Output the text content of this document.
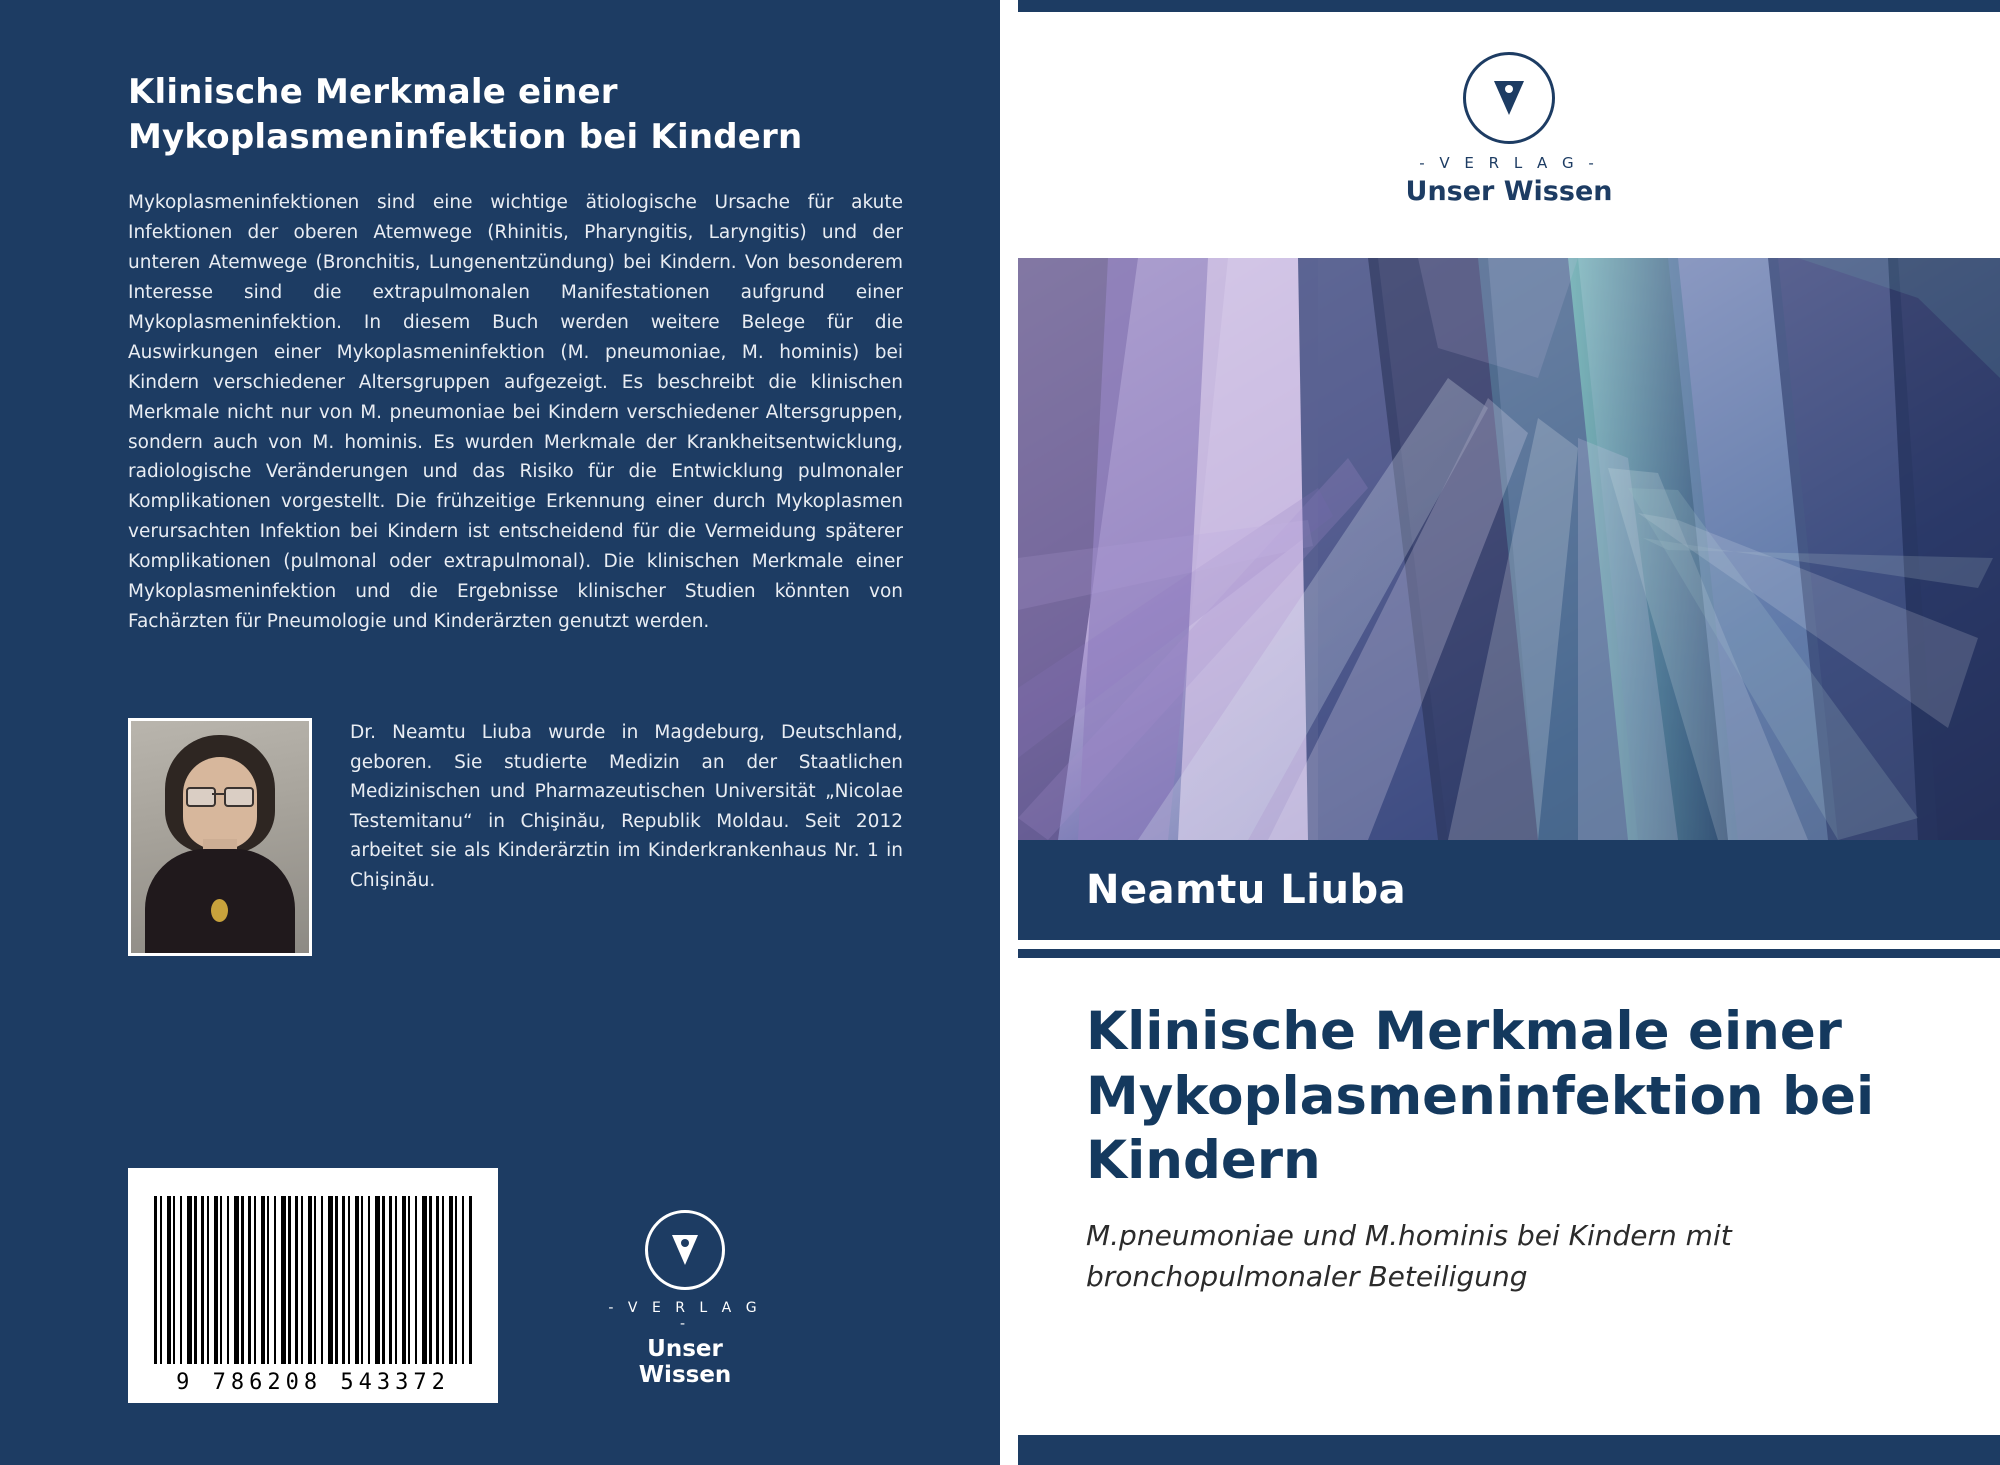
Klinische Merkmale einer Mykoplasmeninfektion bei Kindern

Mykoplasmeninfektionen sind eine wichtige ätiologische Ursache für akute Infektionen der oberen Atemwege (Rhinitis, Pharyngitis, Laryngitis) und der unteren Atemwege (Bronchitis, Lungenentzündung) bei Kindern. Von besonderem Interesse sind die extrapulmonalen Manifestationen aufgrund einer Mykoplasmeninfektion. In diesem Buch werden weitere Belege für die Auswirkungen einer Mykoplasmeninfektion (M. pneumoniae, M. hominis) bei Kindern verschiedener Altersgruppen aufgezeigt. Es beschreibt die klinischen Merkmale nicht nur von M. pneumoniae bei Kindern verschiedener Altersgruppen, sondern auch von M. hominis. Es wurden Merkmale der Krankheitsentwicklung, radiologische Veränderungen und das Risiko für die Entwicklung pulmonaler Komplikationen vorgestellt. Die frühzeitige Erkennung einer durch Mykoplasmen verursachten Infektion bei Kindern ist entscheidend für die Vermeidung späterer Komplikationen (pulmonal oder extrapulmonal). Die klinischen Merkmale einer Mykoplasmeninfektion und die Ergebnisse klinischer Studien könnten von Fachärzten für Pneumologie und Kinderärzten genutzt werden.

Dr. Neamtu Liuba wurde in Magdeburg, Deutschland, geboren. Sie studierte Medizin an der Staatlichen Medizinischen und Pharmazeutischen Universität „Nicolae Testemitanu“ in Chişinău, Republik Moldau. Seit 2012 arbeitet sie als Kinderärztin im Kinderkrankenhaus Nr. 1 in Chişinău.
9 786208 543372
- V E R L A G -
Unser Wissen
- V E R L A G -
Unser Wissen
Neamtu Liuba
Klinische Merkmale einer Mykoplasmeninfektion bei Kindern
M.pneumoniae und M.hominis bei Kindern mit bronchopulmonaler Beteiligung
